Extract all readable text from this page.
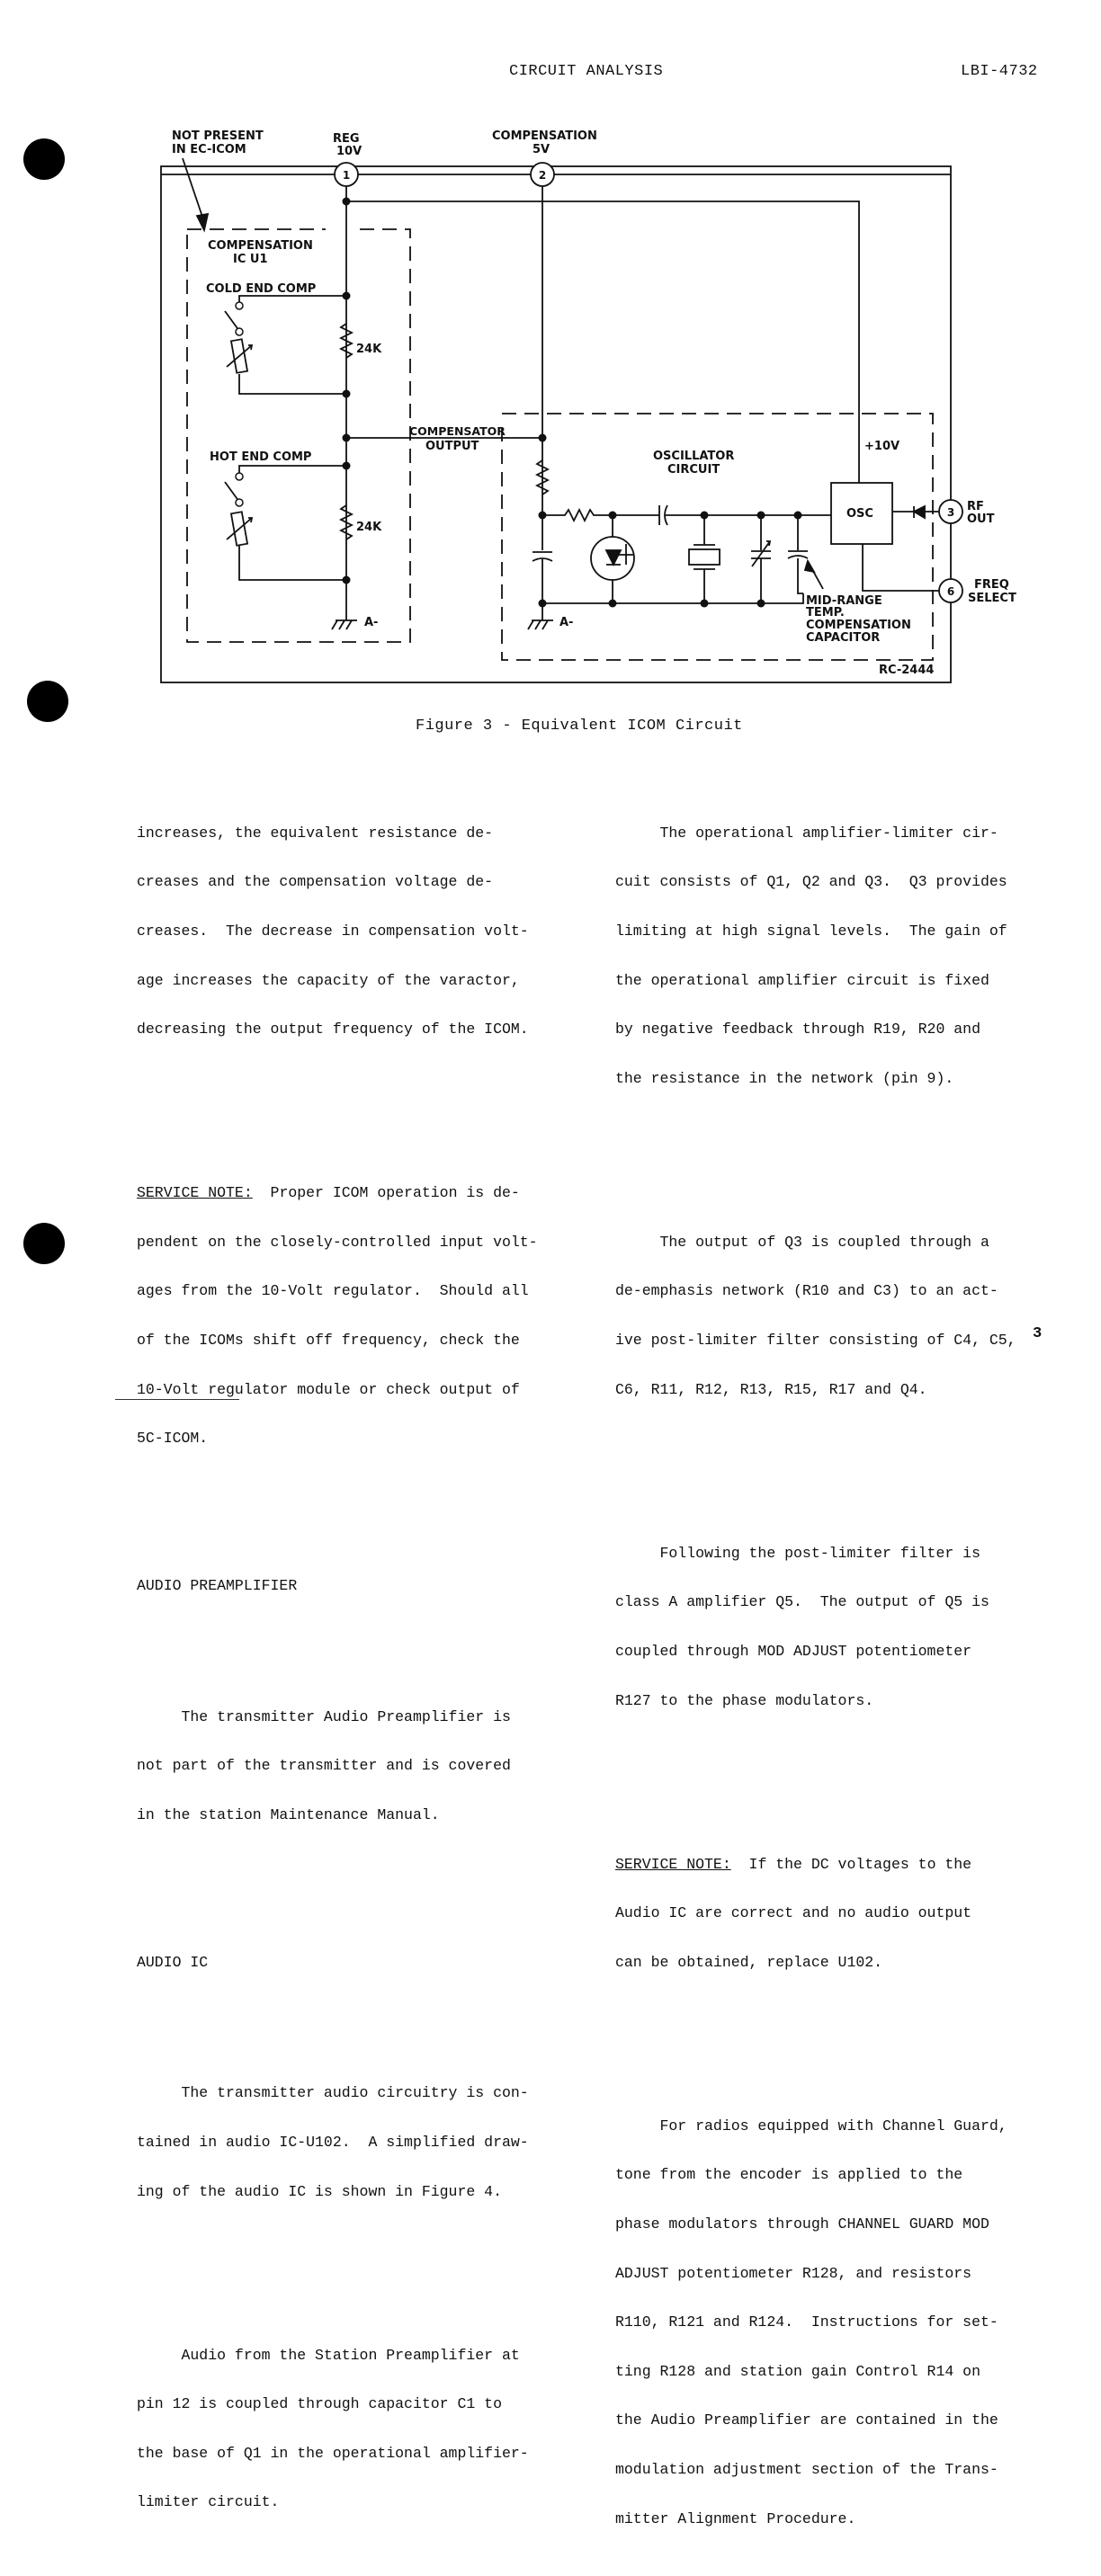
CIRCUIT ANALYSIS	LBI-4732
1	2
3
6
NOT PRESENT
IN EC-ICOM
REG
10V
COMPENSATION
5V
COMPENSATION
IC U1
COLD END COMP
HOT END COMP
24K
24K
COMPENSATOR
OUTPUT
OSCILLATOR
CIRCUIT
+10V
OSC
RF
OUT
FREQ
SELECT
MID-RANGE
TEMP.
COMPENSATION
CAPACITOR
A-	A-
RC-2444
Figure 3 - Equivalent ICOM Circuit

increases, the equivalent resistance de-

creases and the compensation voltage de-

creases.  The decrease in compensation volt-

age increases the capacity of the varactor,

decreasing the output frequency of the ICOM.

SERVICE NOTE:  Proper ICOM operation is de-

pendent on the closely-controlled input volt-

ages from the 10-Volt regulator.  Should all

of the ICOMs shift off frequency, check the

10-Volt regulator module or check output of

5C-ICOM.

AUDIO PREAMPLIFIER

The transmitter Audio Preamplifier is

not part of the transmitter and is covered

in the station Maintenance Manual.

AUDIO IC

The transmitter audio circuitry is con-

tained in audio IC-U102.  A simplified draw-

ing of the audio IC is shown in Figure 4.

Audio from the Station Preamplifier at

pin 12 is coupled through capacitor C1 to

the base of Q1 in the operational amplifier-

limiter circuit.

The operational amplifier-limiter cir-

cuit consists of Q1, Q2 and Q3.  Q3 provides

limiting at high signal levels.  The gain of

the operational amplifier circuit is fixed

by negative feedback through R19, R20 and

the resistance in the network (pin 9).

The output of Q3 is coupled through a

de-emphasis network (R10 and C3) to an act-

ive post-limiter filter consisting of C4, C5,

C6, R11, R12, R13, R15, R17 and Q4.

Following the post-limiter filter is

class A amplifier Q5.  The output of Q5 is

coupled through MOD ADJUST potentiometer

R127 to the phase modulators.

SERVICE NOTE:  If the DC voltages to the

Audio IC are correct and no audio output

can be obtained, replace U102.

For radios equipped with Channel Guard,

tone from the encoder is applied to the

phase modulators through CHANNEL GUARD MOD

ADJUST potentiometer R128, and resistors

R110, R121 and R124.  Instructions for set-

ting R128 and station gain Control R14 on

the Audio Preamplifier are contained in the

modulation adjustment section of the Trans-

mitter Alignment Procedure.

3
